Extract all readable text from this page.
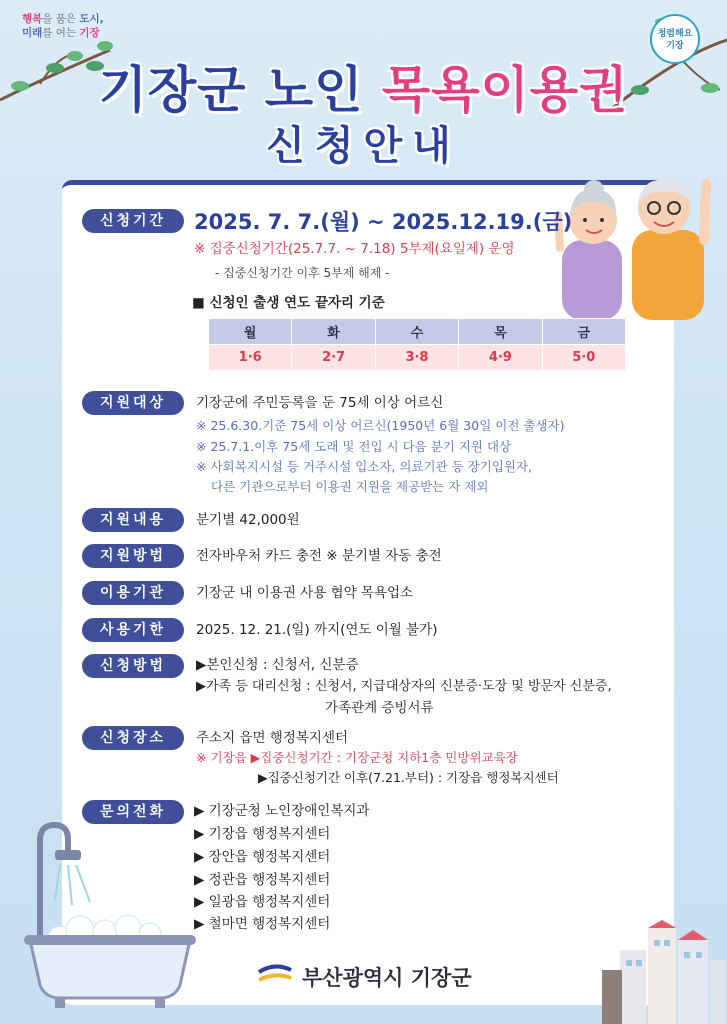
행복을 품은 도시,
미래를 여는 기장	청렴해요 기장
기장군 노인 목욕이용권
신청안내
신청기간	2025. 7. 7.(월) ~ 2025.12.19.(금)
※ 집중신청기간(25.7.7. ~ 7.18) 5부제(요일제) 운영
- 집중신청기간 이후 5부제 해제 -
■ 신청인 출생 연도 끝자리 기준
월	화	수	목	금
1·6	2·7	3·8	4·9	5·0
지원대상	기장군에 주민등록을 둔 75세 이상 어르신
※ 25.6.30.기준 75세 이상 어르신(1950년 6월 30일 이전 출생자)
※ 25.7.1.이후 75세 도래 및 전입 시 다음 분기 지원 대상
※ 사회복지시설 등 거주시설 입소자, 의료기관 등 장기입원자,
다른 기관으로부터 이용권 지원을 제공받는 자 제외
지원내용	분기별 42,000원
지원방법	전자바우처 카드 충전 ※ 분기별 자동 충전
이용기관	기장군 내 이용권 사용 협약 목욕업소
사용기한	2025. 12. 21.(일) 까지(연도 이월 불가)
신청방법	▶본인신청 : 신청서, 신분증
▶가족 등 대리신청 : 신청서, 지급대상자의 신분증·도장 및 방문자 신분증,
가족관계 증빙서류
신청장소	주소지 읍면 행정복지센터
※ 기장읍 ▶집중신청기간 : 기장군청 지하1층 민방위교육장
▶집중신청기간 이후(7.21.부터) : 기장읍 행정복지센터
문의전화	▶ 기장군청 노인장애인복지과
▶ 기장읍 행정복지센터
▶ 장안읍 행정복지센터
▶ 정관읍 행정복지센터
▶ 일광읍 행정복지센터
▶ 철마면 행정복지센터
부산광역시 기장군
